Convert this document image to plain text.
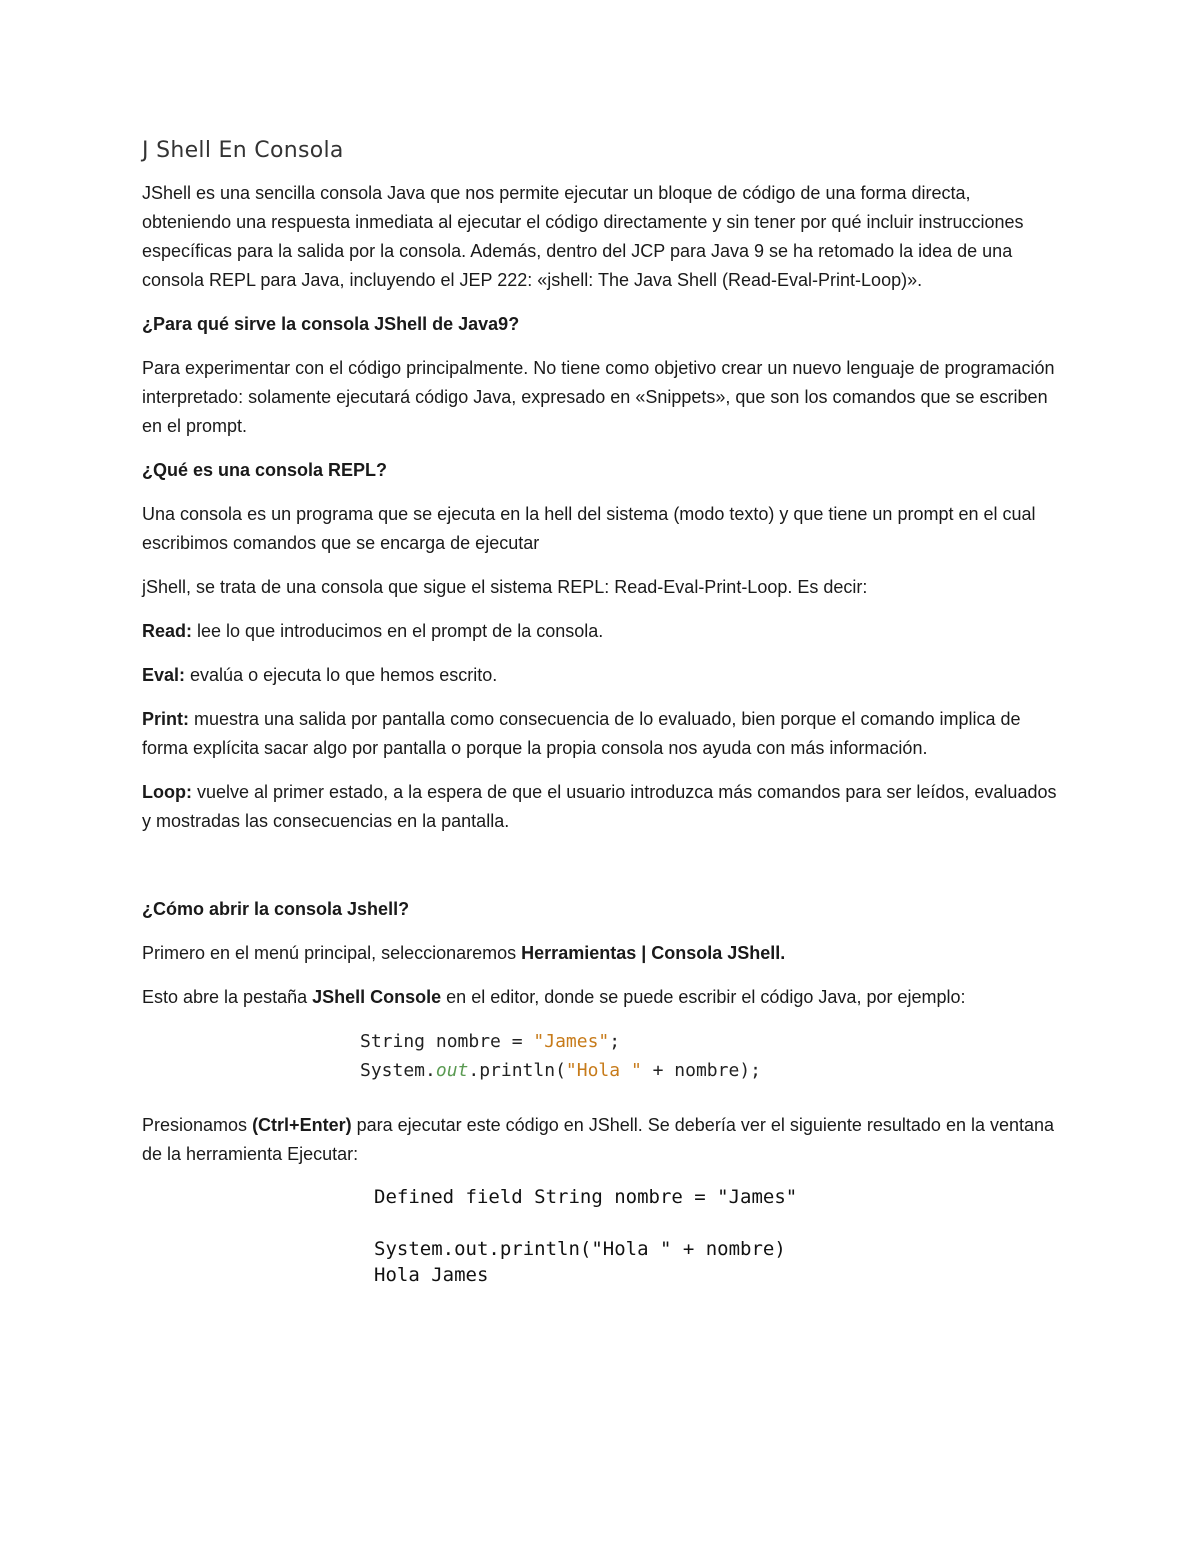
J Shell En Consola

JShell es una sencilla consola Java que nos permite ejecutar un bloque de código de una forma directa, obteniendo una respuesta inmediata al ejecutar el código directamente y sin tener por qué incluir instrucciones específicas para la salida por la consola. Además, dentro del JCP para Java 9 se ha retomado la idea de una consola REPL para Java, incluyendo el JEP 222: «jshell: The Java Shell (Read-Eval-Print-Loop)».

¿Para qué sirve la consola JShell de Java9?

Para experimentar con el código principalmente. No tiene como objetivo crear un nuevo lenguaje de programación interpretado: solamente ejecutará código Java, expresado en «Snippets», que son los comandos que se escriben en el prompt.

¿Qué es una consola REPL?

Una consola es un programa que se ejecuta en la hell del sistema (modo texto) y que tiene un prompt en el cual escribimos comandos que se encarga de ejecutar

jShell, se trata de una consola que sigue el sistema REPL: Read-Eval-Print-Loop. Es decir:

Read: lee lo que introducimos en el prompt de la consola.

Eval: evalúa o ejecuta lo que hemos escrito.

Print: muestra una salida por pantalla como consecuencia de lo evaluado, bien porque el comando implica de forma explícita sacar algo por pantalla o porque la propia consola nos ayuda con más información.

Loop: vuelve al primer estado, a la espera de que el usuario introduzca más comandos para ser leídos, evaluados y mostradas las consecuencias en la pantalla.

¿Cómo abrir la consola Jshell?

Primero en el menú principal, seleccionaremos Herramientas | Consola JShell.

Esto abre la pestaña JShell Console en el editor, donde se puede escribir el código Java, por ejemplo:

String nombre = "James";
System.out.println("Hola " + nombre);

Presionamos (Ctrl+Enter) para ejecutar este código en JShell. Se debería ver el siguiente resultado en la ventana de la herramienta Ejecutar:

Defined field String nombre = "James"
System.out.println("Hola " + nombre)
Hola James
